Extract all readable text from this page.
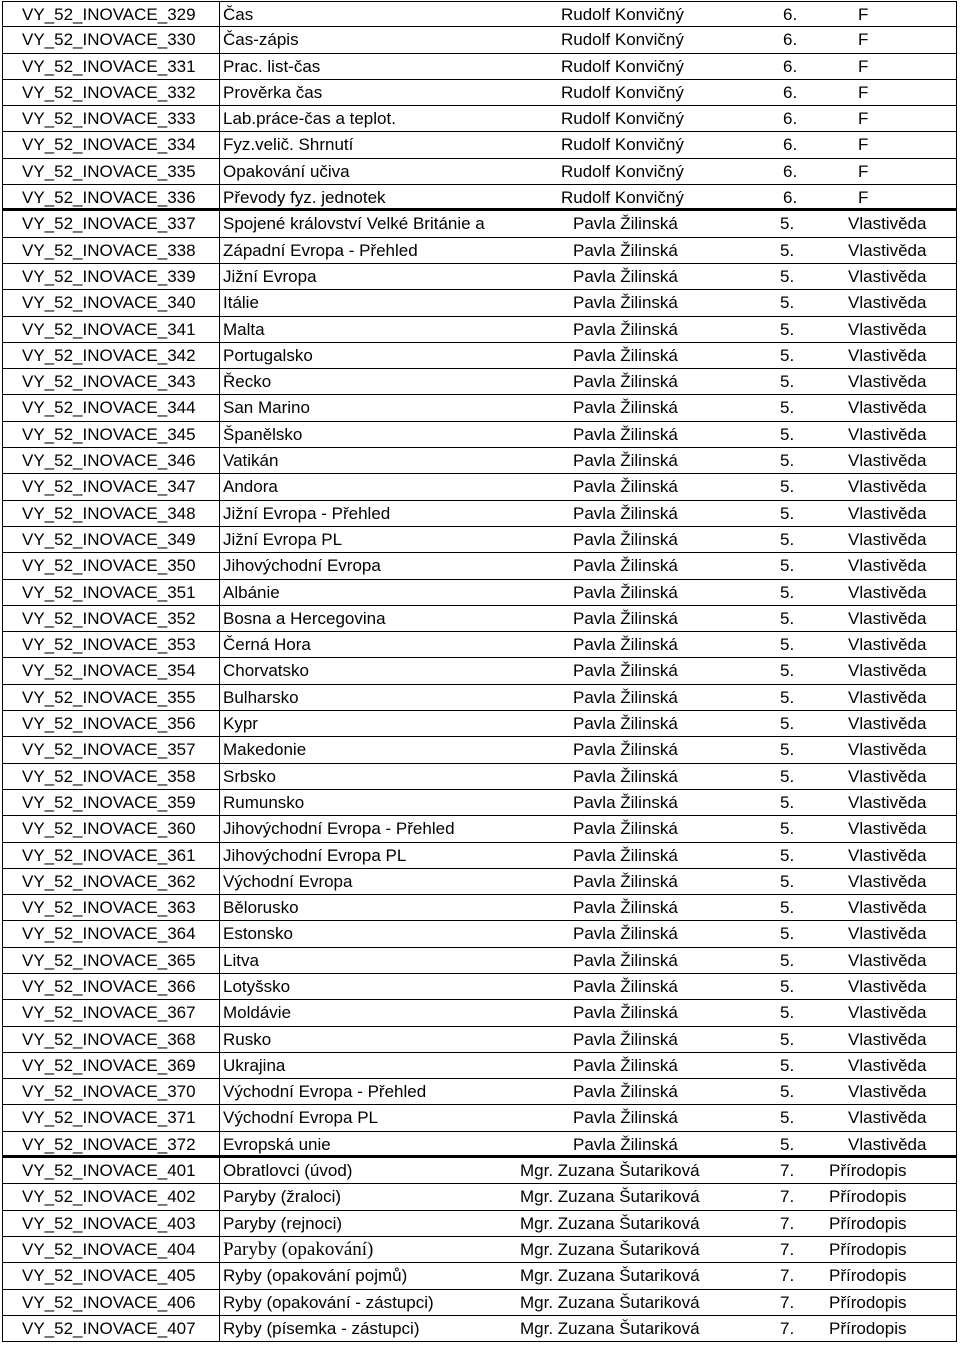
VY_52_INOVACE_329	Čas	Rudolf Konvičný	6.	F
VY_52_INOVACE_330	Čas-zápis	Rudolf Konvičný	6.	F
VY_52_INOVACE_331	Prac. list-čas	Rudolf Konvičný	6.	F
VY_52_INOVACE_332	Prověrka čas	Rudolf Konvičný	6.	F
VY_52_INOVACE_333	Lab.práce-čas a teplot.	Rudolf Konvičný	6.	F
VY_52_INOVACE_334	Fyz.velič. Shrnutí	Rudolf Konvičný	6.	F
VY_52_INOVACE_335	Opakování učiva	Rudolf Konvičný	6.	F
VY_52_INOVACE_336	Převody fyz. jednotek	Rudolf Konvičný	6.	F
VY_52_INOVACE_337	Spojené království Velké Británie a	Pavla Žilinská	5.	Vlastivěda
VY_52_INOVACE_338	Západní Evropa - Přehled	Pavla Žilinská	5.	Vlastivěda
VY_52_INOVACE_339	Jižní Evropa	Pavla Žilinská	5.	Vlastivěda
VY_52_INOVACE_340	Itálie	Pavla Žilinská	5.	Vlastivěda
VY_52_INOVACE_341	Malta	Pavla Žilinská	5.	Vlastivěda
VY_52_INOVACE_342	Portugalsko	Pavla Žilinská	5.	Vlastivěda
VY_52_INOVACE_343	Řecko	Pavla Žilinská	5.	Vlastivěda
VY_52_INOVACE_344	San Marino	Pavla Žilinská	5.	Vlastivěda
VY_52_INOVACE_345	Španělsko	Pavla Žilinská	5.	Vlastivěda
VY_52_INOVACE_346	Vatikán	Pavla Žilinská	5.	Vlastivěda
VY_52_INOVACE_347	Andora	Pavla Žilinská	5.	Vlastivěda
VY_52_INOVACE_348	Jižní Evropa - Přehled	Pavla Žilinská	5.	Vlastivěda
VY_52_INOVACE_349	Jižní Evropa PL	Pavla Žilinská	5.	Vlastivěda
VY_52_INOVACE_350	Jihovýchodní Evropa	Pavla Žilinská	5.	Vlastivěda
VY_52_INOVACE_351	Albánie	Pavla Žilinská	5.	Vlastivěda
VY_52_INOVACE_352	Bosna a Hercegovina	Pavla Žilinská	5.	Vlastivěda
VY_52_INOVACE_353	Černá Hora	Pavla Žilinská	5.	Vlastivěda
VY_52_INOVACE_354	Chorvatsko	Pavla Žilinská	5.	Vlastivěda
VY_52_INOVACE_355	Bulharsko	Pavla Žilinská	5.	Vlastivěda
VY_52_INOVACE_356	Kypr	Pavla Žilinská	5.	Vlastivěda
VY_52_INOVACE_357	Makedonie	Pavla Žilinská	5.	Vlastivěda
VY_52_INOVACE_358	Srbsko	Pavla Žilinská	5.	Vlastivěda
VY_52_INOVACE_359	Rumunsko	Pavla Žilinská	5.	Vlastivěda
VY_52_INOVACE_360	Jihovýchodní Evropa - Přehled	Pavla Žilinská	5.	Vlastivěda
VY_52_INOVACE_361	Jihovýchodní Evropa PL	Pavla Žilinská	5.	Vlastivěda
VY_52_INOVACE_362	Východní Evropa	Pavla Žilinská	5.	Vlastivěda
VY_52_INOVACE_363	Bělorusko	Pavla Žilinská	5.	Vlastivěda
VY_52_INOVACE_364	Estonsko	Pavla Žilinská	5.	Vlastivěda
VY_52_INOVACE_365	Litva	Pavla Žilinská	5.	Vlastivěda
VY_52_INOVACE_366	Lotyšsko	Pavla Žilinská	5.	Vlastivěda
VY_52_INOVACE_367	Moldávie	Pavla Žilinská	5.	Vlastivěda
VY_52_INOVACE_368	Rusko	Pavla Žilinská	5.	Vlastivěda
VY_52_INOVACE_369	Ukrajina	Pavla Žilinská	5.	Vlastivěda
VY_52_INOVACE_370	Východní Evropa - Přehled	Pavla Žilinská	5.	Vlastivěda
VY_52_INOVACE_371	Východní Evropa PL	Pavla Žilinská	5.	Vlastivěda
VY_52_INOVACE_372	Evropská unie	Pavla Žilinská	5.	Vlastivěda
VY_52_INOVACE_401	Obratlovci (úvod)	Mgr. Zuzana Šutariková	7.	Přírodopis
VY_52_INOVACE_402	Paryby (žraloci)	Mgr. Zuzana Šutariková	7.	Přírodopis
VY_52_INOVACE_403	Paryby (rejnoci)	Mgr. Zuzana Šutariková	7.	Přírodopis
VY_52_INOVACE_404	Paryby (opakování)	Mgr. Zuzana Šutariková	7.	Přírodopis
VY_52_INOVACE_405	Ryby (opakování pojmů)	Mgr. Zuzana Šutariková	7.	Přírodopis
VY_52_INOVACE_406	Ryby (opakování - zástupci)	Mgr. Zuzana Šutariková	7.	Přírodopis
VY_52_INOVACE_407	Ryby (písemka - zástupci)	Mgr. Zuzana Šutariková	7.	Přírodopis
